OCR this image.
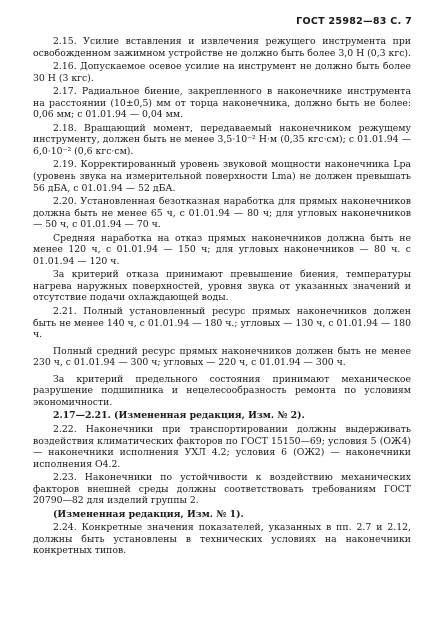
ГОСТ 25982—83 С. 7

2.15. Усилие вставления и извлечения режущего инструмента при освобожденном зажимном устройстве не должно быть более 3,0 Н (0,3 кгс).

2.16. Допускаемое осевое усилие на инструмент не должно быть более 30 Н (3 кгс).

2.17. Радиальное биение, закрепленного в наконечнике инструмента на расстоянии (10±0,5) мм от торца наконечника, должно быть не более: 0,06 мм; с 01.01.94 — 0,04 мм.

2.18. Вращающий момент, передаваемый наконечником режущему инструменту, должен быть не менее 3,5·10⁻² Н·м (0,35 кгс·см); с 01.01.94 — 6,0·10⁻² (0,6 кгс·см).

2.19. Корректированный уровень звуковой мощности наконечника Lpa (уровень звука на измерительной поверхности Lmа) не должен превышать 56 дБА, с 01.01.94 — 52 дБА.

2.20. Установленная безотказная наработка для прямых наконечников должна быть не менее 65 ч, с 01.01.94 — 80 ч; для угловых наконечников — 50 ч, с 01.01.94 — 70 ч.

Средняя наработка на отказ прямых наконечников должна быть не менее 120 ч, с 01.01.94 — 150 ч; для угловых наконечников — 80 ч. с 01.01.94 — 120 ч.

За критерий отказа принимают превышение биения, температуры нагрева наружных поверхностей, уровня звука от указанных значений и отсутствие подачи охлаждающей воды.

2.21. Полный установленный ресурс прямых наконечников должен быть не менее 140 ч, с 01.01.94 — 180 ч.; угловых — 130 ч, с 01.01.94 — 180 ч.

Полный средний ресурс прямых наконечников должен быть не менее 230 ч, с 01.01.94 — 300 ч; угловых — 220 ч, с 01.01.94 — 300 ч.

За критерий предельного состояния принимают механическое разрушение подшипника и нецелесообразность ремонта по условиям экономичности.

2.17—2.21. (Измененная редакция, Изм. № 2).

2.22. Наконечники при транспортировании должны выдерживать воздействия климатических факторов по ГОСТ 15150—69; условия 5 (ОЖ4) — наконечники исполнения УХЛ 4.2; условия 6 (ОЖ2) — наконечники исполнения О4.2.

2.23. Наконечники по устойчивости к воздействию механических факторов внешней среды должны соответствовать требованиям ГОСТ 20790—82 для изделий группы 2.

(Измененная редакция, Изм. № 1).

2.24. Конкретные значения показателей, указанных в пп. 2.7 и 2.12, должны быть установлены в технических условиях на наконечники конкретных типов.
